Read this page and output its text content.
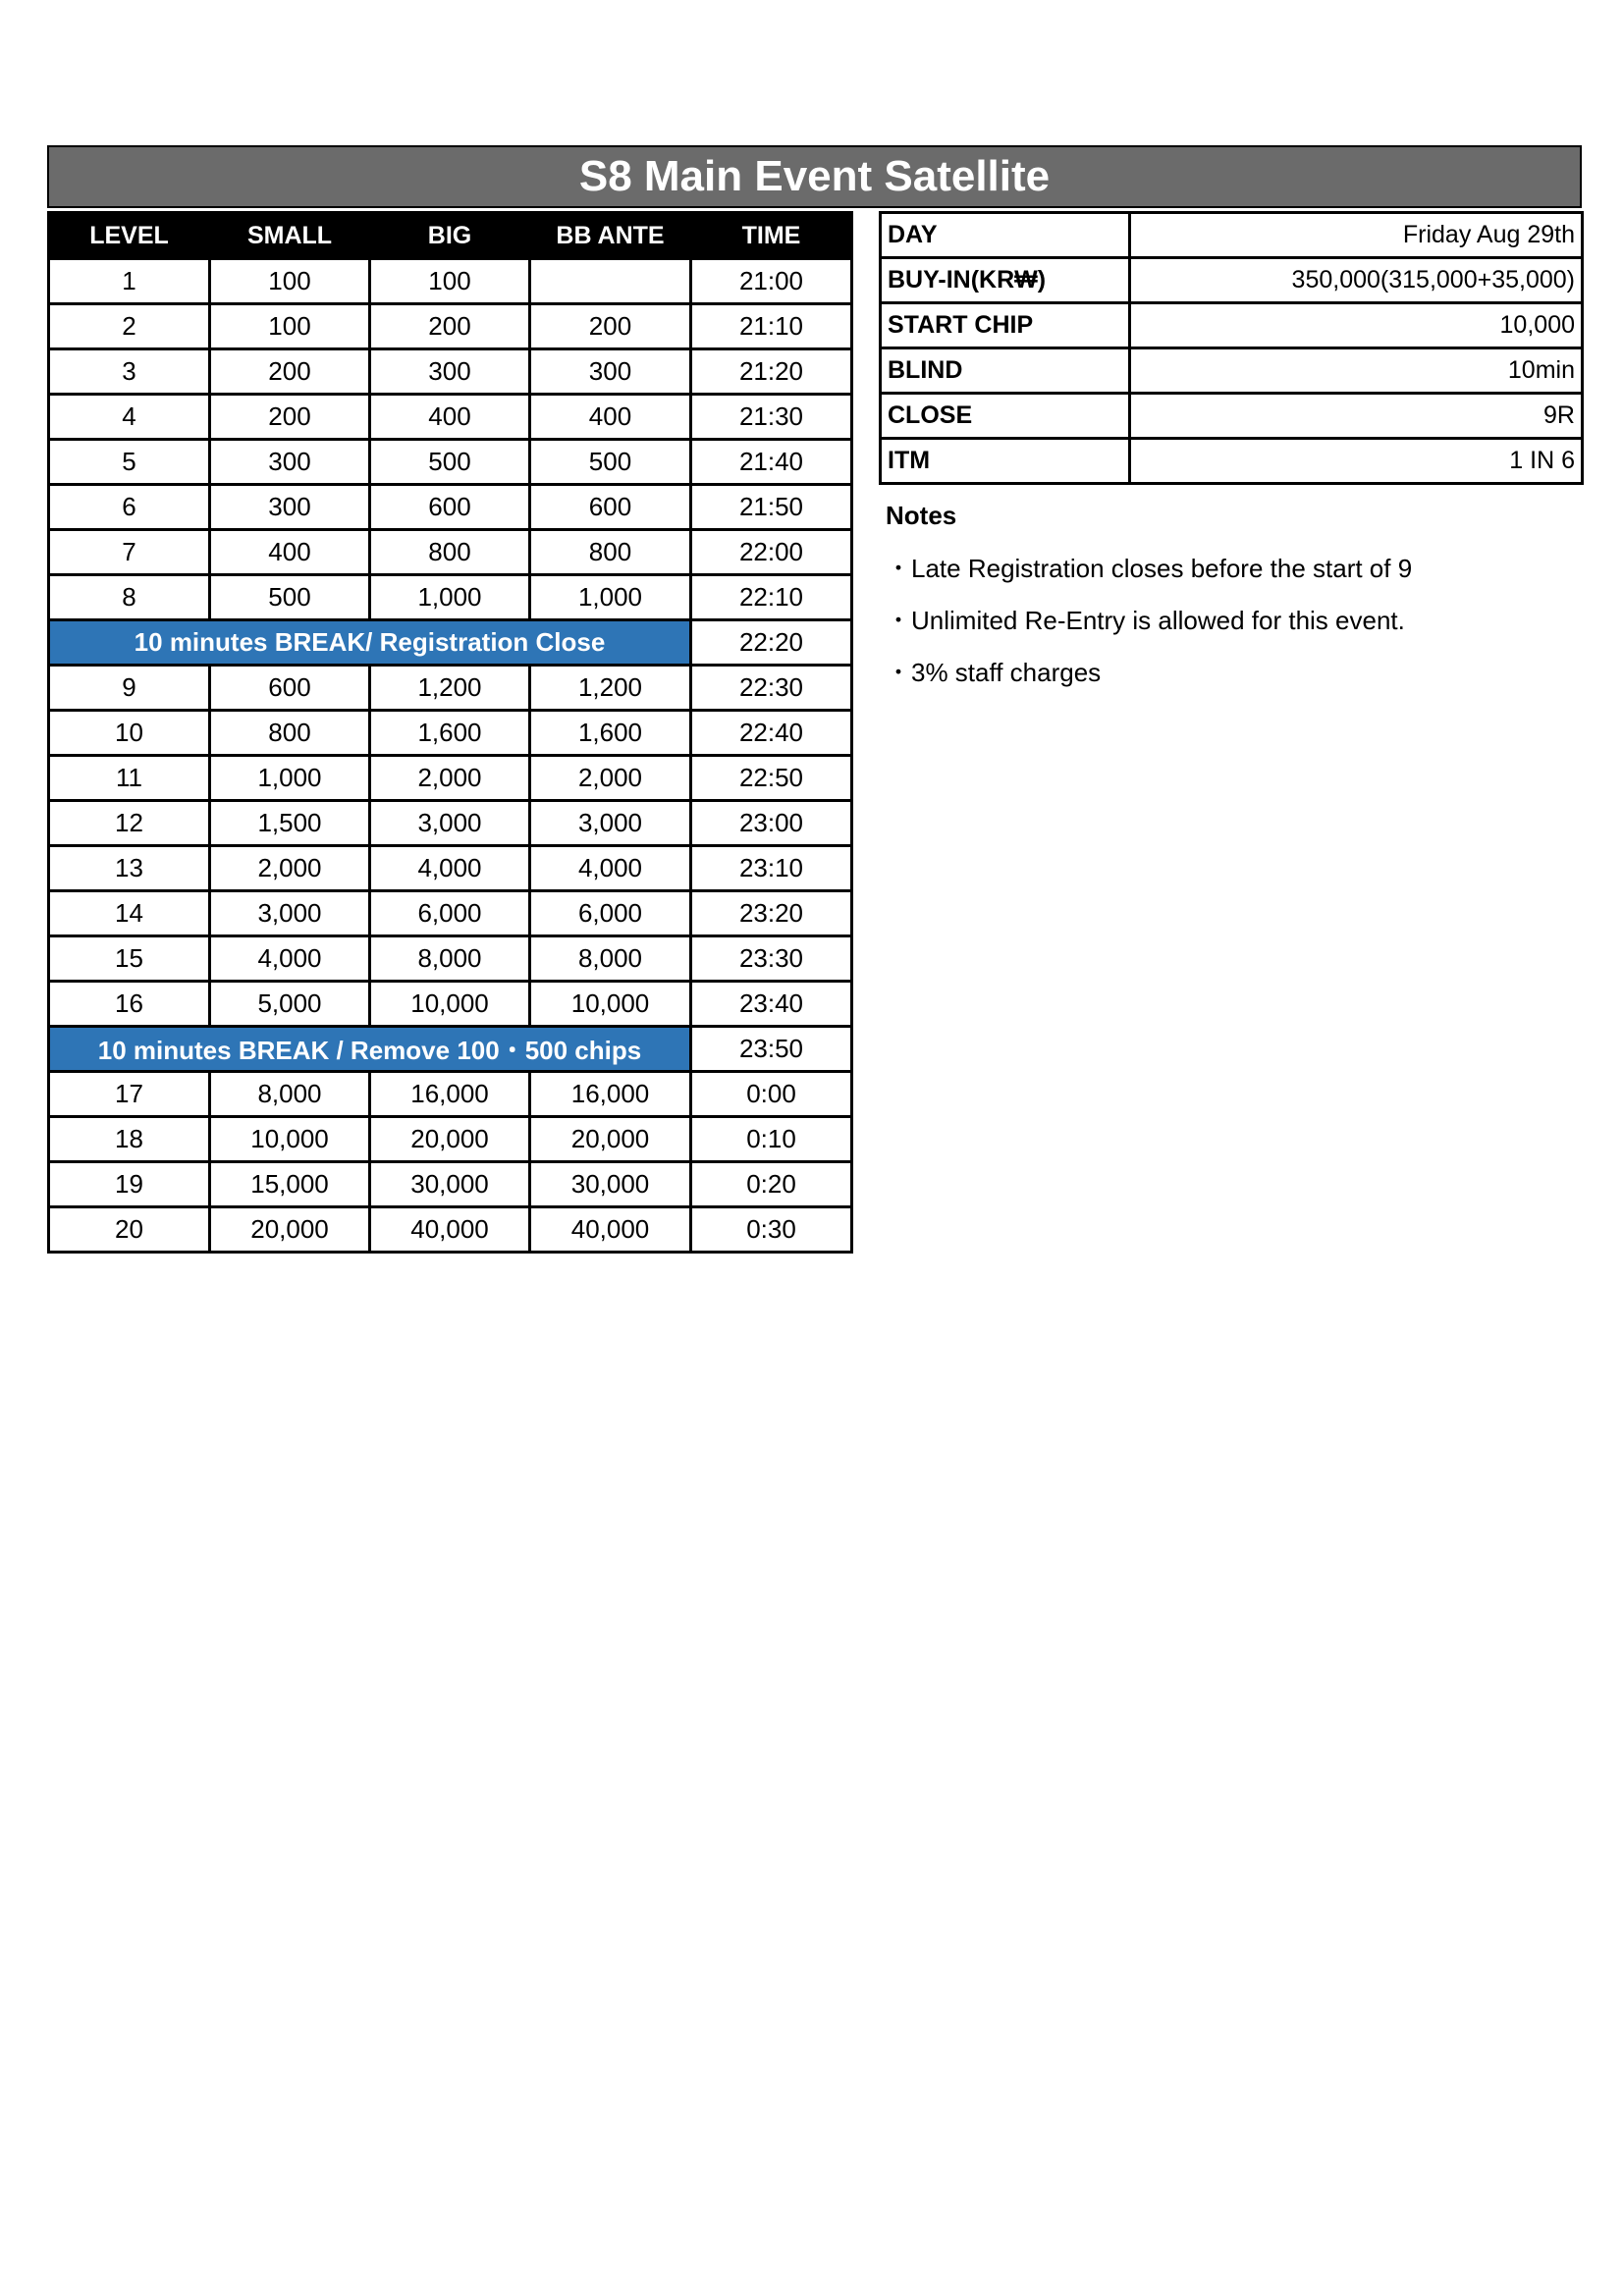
S8 Main Event Satellite
LEVEL	SMALL	BIG	BB ANTE	TIME
1	100	100		21:00
2	100	200	200	21:10
3	200	300	300	21:20
4	200	400	400	21:30
5	300	500	500	21:40
6	300	600	600	21:50
7	400	800	800	22:00
8	500	1,000	1,000	22:10
10 minutes BREAK/ Registration Close				22:20
9	600	1,200	1,200	22:30
10	800	1,600	1,600	22:40
11	1,000	2,000	2,000	22:50
12	1,500	3,000	3,000	23:00
13	2,000	4,000	4,000	23:10
14	3,000	6,000	6,000	23:20
15	4,000	8,000	8,000	23:30
16	5,000	10,000	10,000	23:40
10 minutes BREAK / Remove 100・500 chips				23:50
17	8,000	16,000	16,000	0:00
18	10,000	20,000	20,000	0:10
19	15,000	30,000	30,000	0:20
20	20,000	40,000	40,000	0:30
DAY	Friday Aug 29th
BUY-IN(KR₩)	350,000(315,000+35,000)
START CHIP	10,000
BLIND	10min
CLOSE	9R
ITM	1 IN 6
Notes
・Late Registration closes before the start of 9
・Unlimited Re-Entry is allowed for this event.
・3% staff charges
